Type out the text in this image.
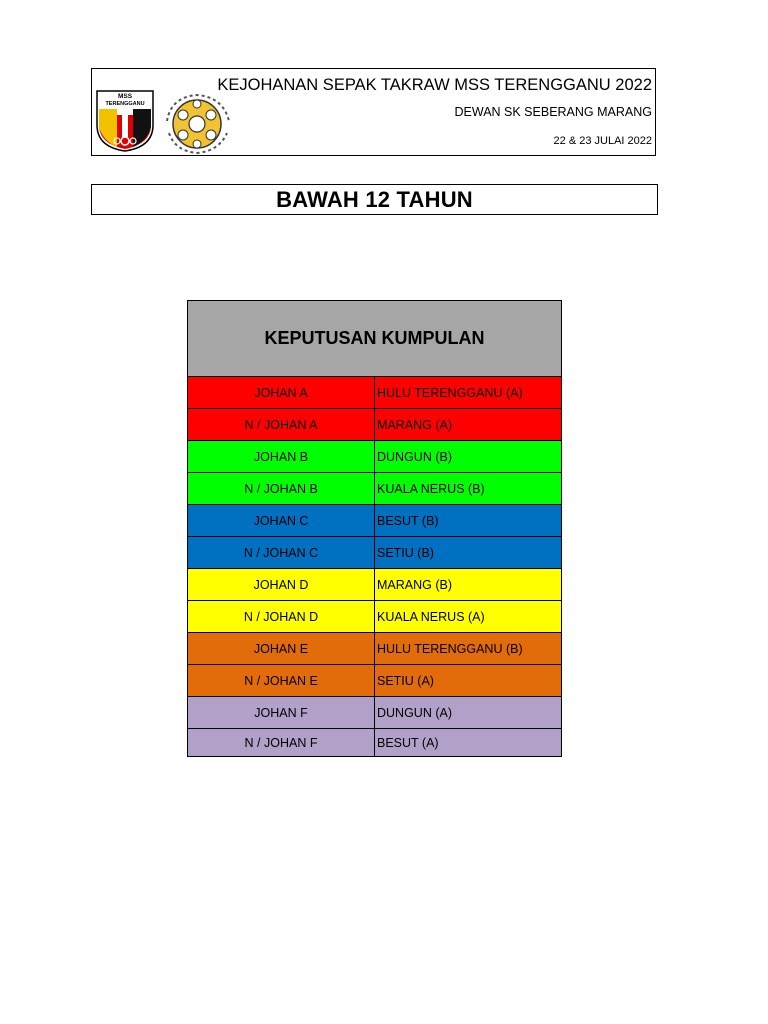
MSS
TERENGGANU
KEJOHANAN SEPAK TAKRAW MSS TERENGGANU 2022
DEWAN SK SEBERANG MARANG
22 & 23 JULAI 2022
BAWAH 12 TAHUN
KEPUTUSAN KUMPULAN	
JOHAN A	HULU TERENGGANU (A)
N / JOHAN A	MARANG (A)
JOHAN B	DUNGUN (B)
N / JOHAN B	KUALA NERUS (B)
JOHAN C	BESUT (B)
N / JOHAN C	SETIU (B)
JOHAN D	MARANG (B)
N / JOHAN D	KUALA NERUS (A)
JOHAN E	HULU TERENGGANU (B)
N / JOHAN E	SETIU (A)
JOHAN F	DUNGUN (A)
N / JOHAN F	BESUT (A)
